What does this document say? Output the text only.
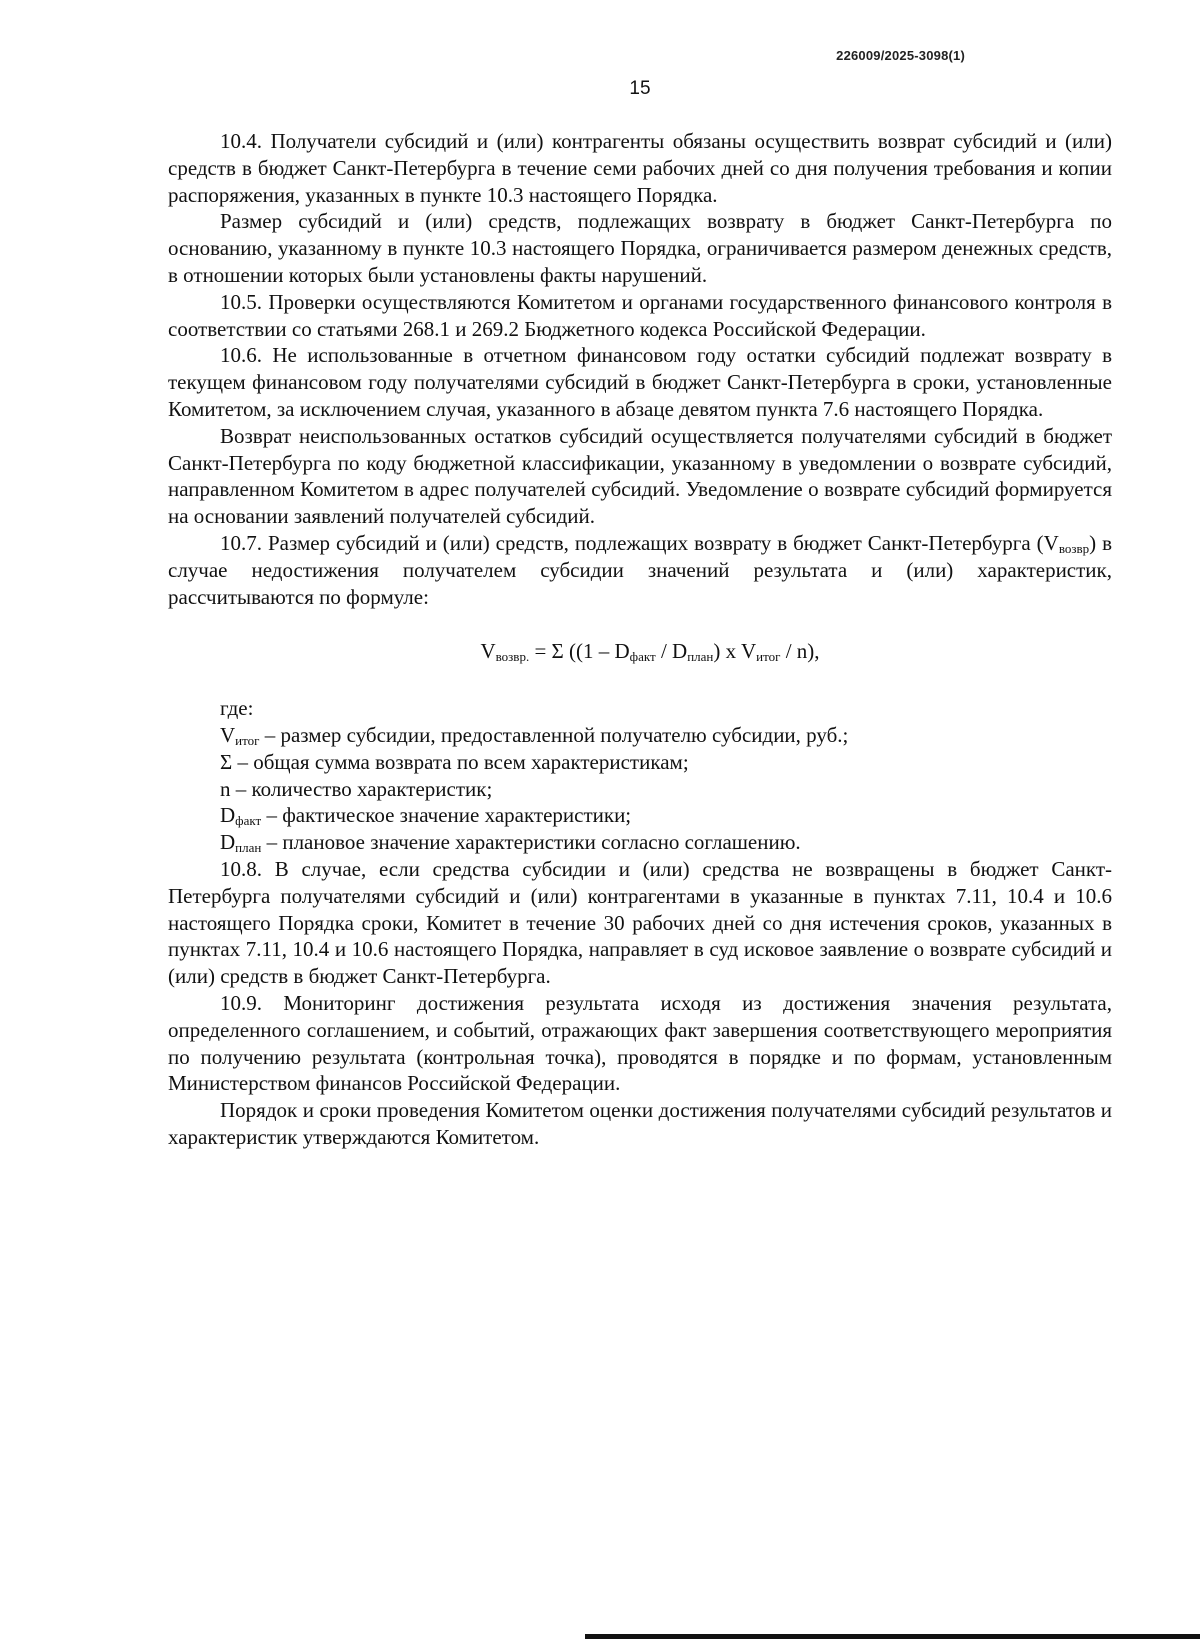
226009/2025-3098(1)
15

10.4. Получатели субсидий и (или) контрагенты обязаны осуществить возврат субсидий и (или) средств в бюджет Санкт-Петербурга в течение семи рабочих дней со дня получения требования и копии распоряжения, указанных в пункте 10.3 настоящего Порядка.

Размер субсидий и (или) средств, подлежащих возврату в бюджет Санкт-Петербурга по основанию, указанному в пункте 10.3 настоящего Порядка, ограничивается размером денежных средств, в отношении которых были установлены факты нарушений.

10.5. Проверки осуществляются Комитетом и органами государственного финансового контроля в соответствии со статьями 268.1 и 269.2 Бюджетного кодекса Российской Федерации.

10.6. Не использованные в отчетном финансовом году остатки субсидий подлежат возврату в текущем финансовом году получателями субсидий в бюджет Санкт-Петербурга в сроки, установленные Комитетом, за исключением случая, указанного в абзаце девятом пункта 7.6 настоящего Порядка.

Возврат неиспользованных остатков субсидий осуществляется получателями субсидий в бюджет Санкт-Петербурга по коду бюджетной классификации, указанному в уведомлении о возврате субсидий, направленном Комитетом в адрес получателей субсидий. Уведомление о возврате субсидий формируется на основании заявлений получателей субсидий.

10.7. Размер субсидий и (или) средств, подлежащих возврату в бюджет Санкт-Петербурга $(V_{возвр})$ в случае недостижения получателем субсидии значений результата и (или) характеристик, рассчитываются по формуле:

$V_{возвр.} = \Sigma$ ($(1 - D_{факт} / D_{план})$ x $V_{итог} / n$),

где:

$V_{итог}$ – размер субсидии, предоставленной получателю субсидии, руб.;

Σ – общая сумма возврата по всем характеристикам;

n – количество характеристик;

$D_{факт}$ – фактическое значение характеристики;

$D_{план}$ – плановое значение характеристики согласно соглашению.

10.8. В случае, если средства субсидии и (или) средства не возвращены в бюджет Санкт-Петербурга получателями субсидий и (или) контрагентами в указанные в пунктах 7.11, 10.4 и 10.6 настоящего Порядка сроки, Комитет в течение 30 рабочих дней со дня истечения сроков, указанных в пунктах 7.11, 10.4 и 10.6 настоящего Порядка, направляет в суд исковое заявление о возврате субсидий и (или) средств в бюджет Санкт-Петербурга.

10.9. Мониторинг достижения результата исходя из достижения значения результата, определенного соглашением, и событий, отражающих факт завершения соответствующего мероприятия по получению результата (контрольная точка), проводятся в порядке и по формам, установленным Министерством финансов Российской Федерации.

Порядок и сроки проведения Комитетом оценки достижения получателями субсидий результатов и характеристик утверждаются Комитетом.
